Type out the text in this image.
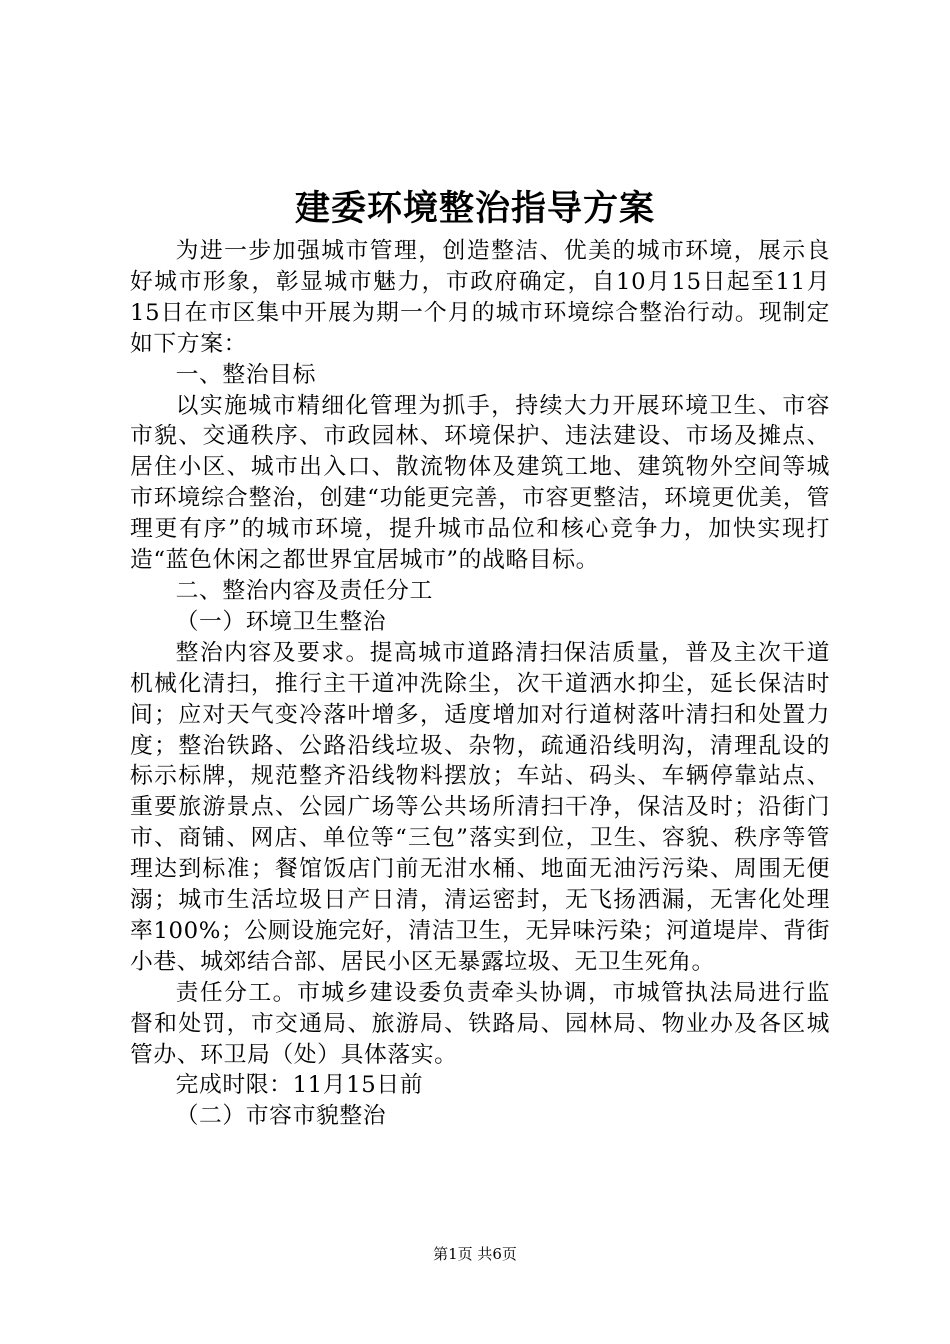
建委环境整治指导方案

为进一步加强城市管理，创造整洁、优美的城市环境，展示良好城市形象，彰显城市魅力，市政府确定，自10月15日起至11月15日在市区集中开展为期一个月的城市环境综合整治行动。现制定如下方案：

一、整治目标

以实施城市精细化管理为抓手，持续大力开展环境卫生、市容市貌、交通秩序、市政园林、环境保护、违法建设、市场及摊点、居住小区、城市出入口、散流物体及建筑工地、建筑物外空间等城市环境综合整治，创建“功能更完善，市容更整洁，环境更优美，管理更有序”的城市环境，提升城市品位和核心竞争力，加快实现打造“蓝色休闲之都世界宜居城市”的战略目标。

二、整治内容及责任分工

（一）环境卫生整治

整治内容及要求。提高城市道路清扫保洁质量，普及主次干道机械化清扫，推行主干道冲洗除尘，次干道洒水抑尘，延长保洁时间；应对天气变冷落叶增多，适度增加对行道树落叶清扫和处置力度；整治铁路、公路沿线垃圾、杂物，疏通沿线明沟，清理乱设的标示标牌，规范整齐沿线物料摆放；车站、码头、车辆停靠站点、重要旅游景点、公园广场等公共场所清扫干净，保洁及时；沿街门市、商铺、网店、单位等“三包”落实到位，卫生、容貌、秩序等管理达到标准；餐馆饭店门前无泔水桶、地面无油污污染、周围无便溺；城市生活垃圾日产日清，清运密封，无飞扬洒漏，无害化处理率100%；公厕设施完好，清洁卫生，无异味污染；河道堤岸、背街小巷、城郊结合部、居民小区无暴露垃圾、无卫生死角。

责任分工。市城乡建设委负责牵头协调，市城管执法局进行监督和处罚，市交通局、旅游局、铁路局、园林局、物业办及各区城管办、环卫局（处）具体落实。

完成时限：11月15日前

（二）市容市貌整治

第1页 共6页
